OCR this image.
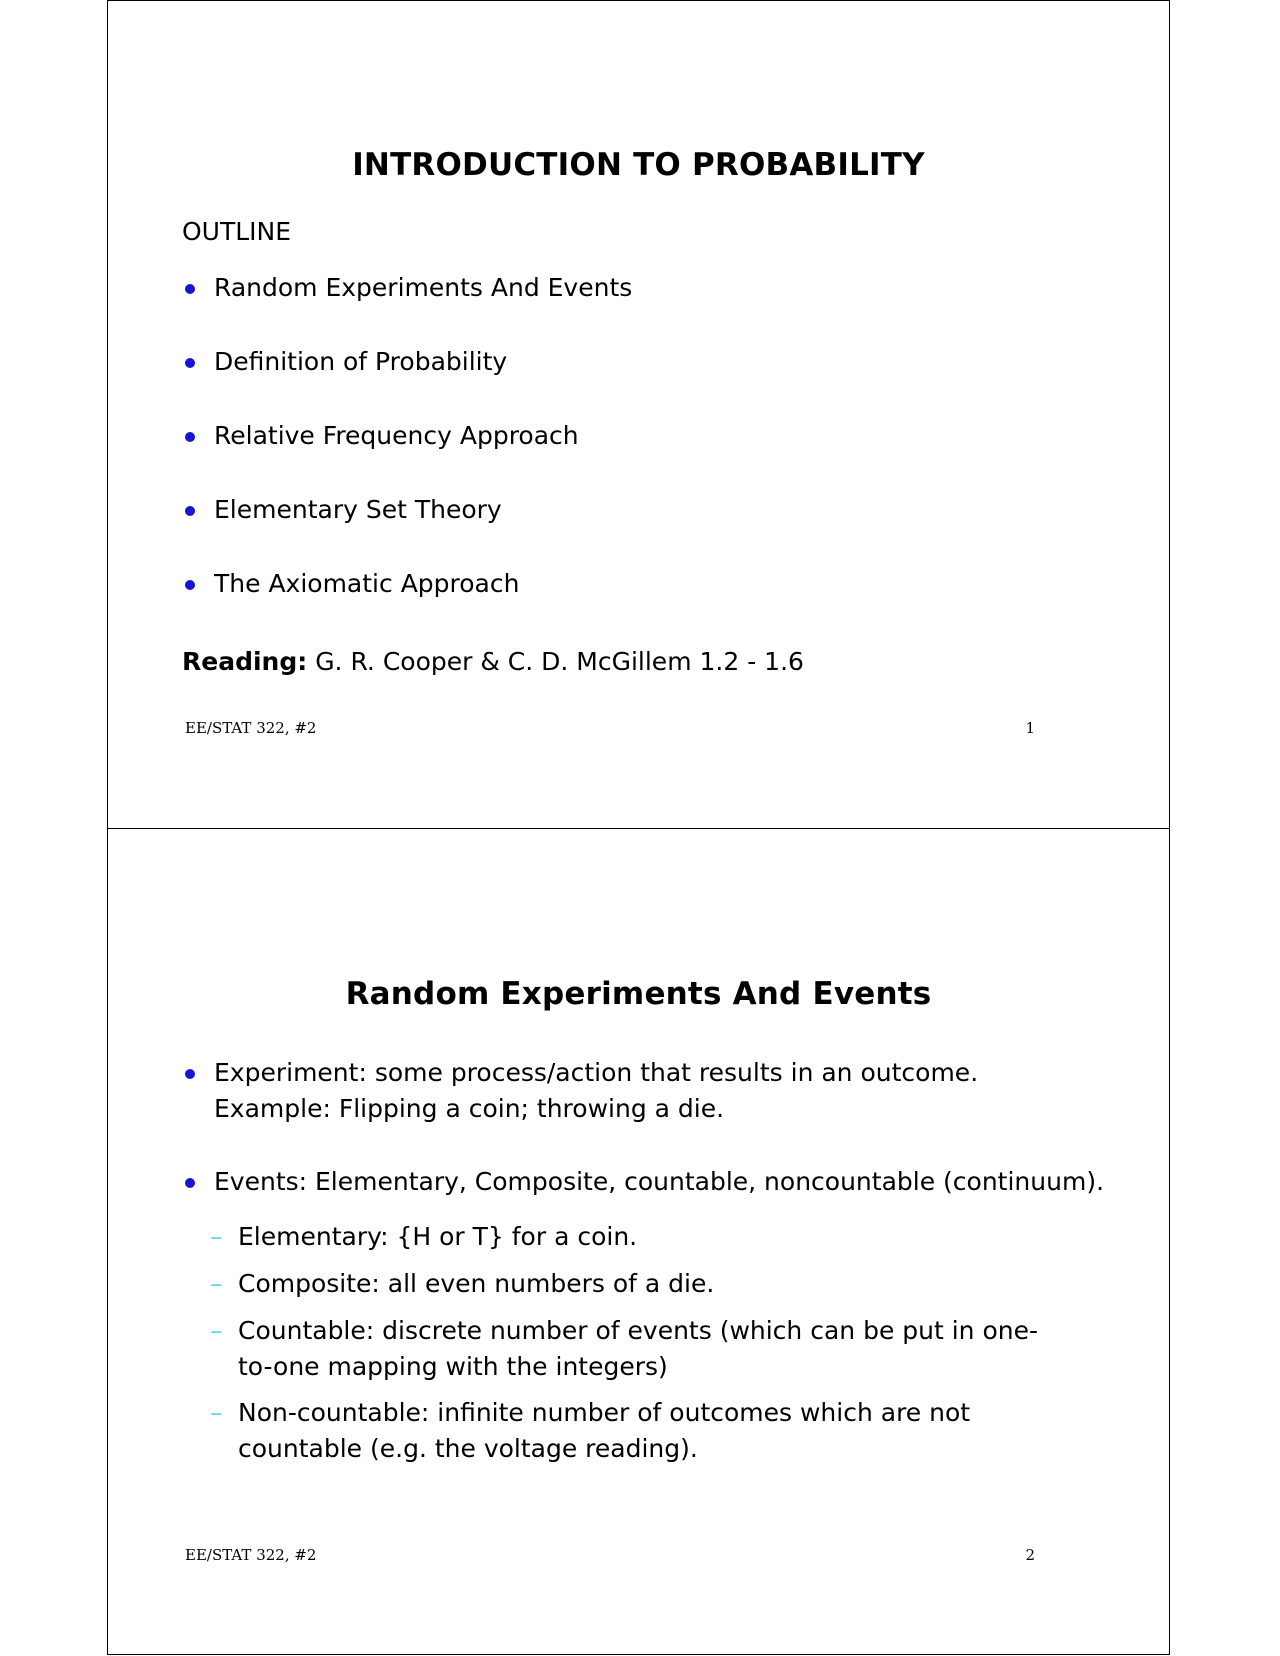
INTRODUCTION TO PROBABILITY
OUTLINE
Random Experiments And Events
Definition of Probability
Relative Frequency Approach
Elementary Set Theory
The Axiomatic Approach
Reading: G. R. Cooper & C. D. McGillem 1.2 - 1.6
EE/STAT 322, #2	1
Random Experiments And Events
Experiment: some process/action that results in an outcome.
Example: Flipping a coin; throwing a die.
Events: Elementary, Composite, countable, noncountable (continuum).
– Elementary: {H or T} for a coin.
– Composite: all even numbers of a die.
– Countable: discrete number of events (which can be put in one-to-one mapping with the integers)
– Non-countable: infinite number of outcomes which are not countable (e.g. the voltage reading).
EE/STAT 322, #2	2
